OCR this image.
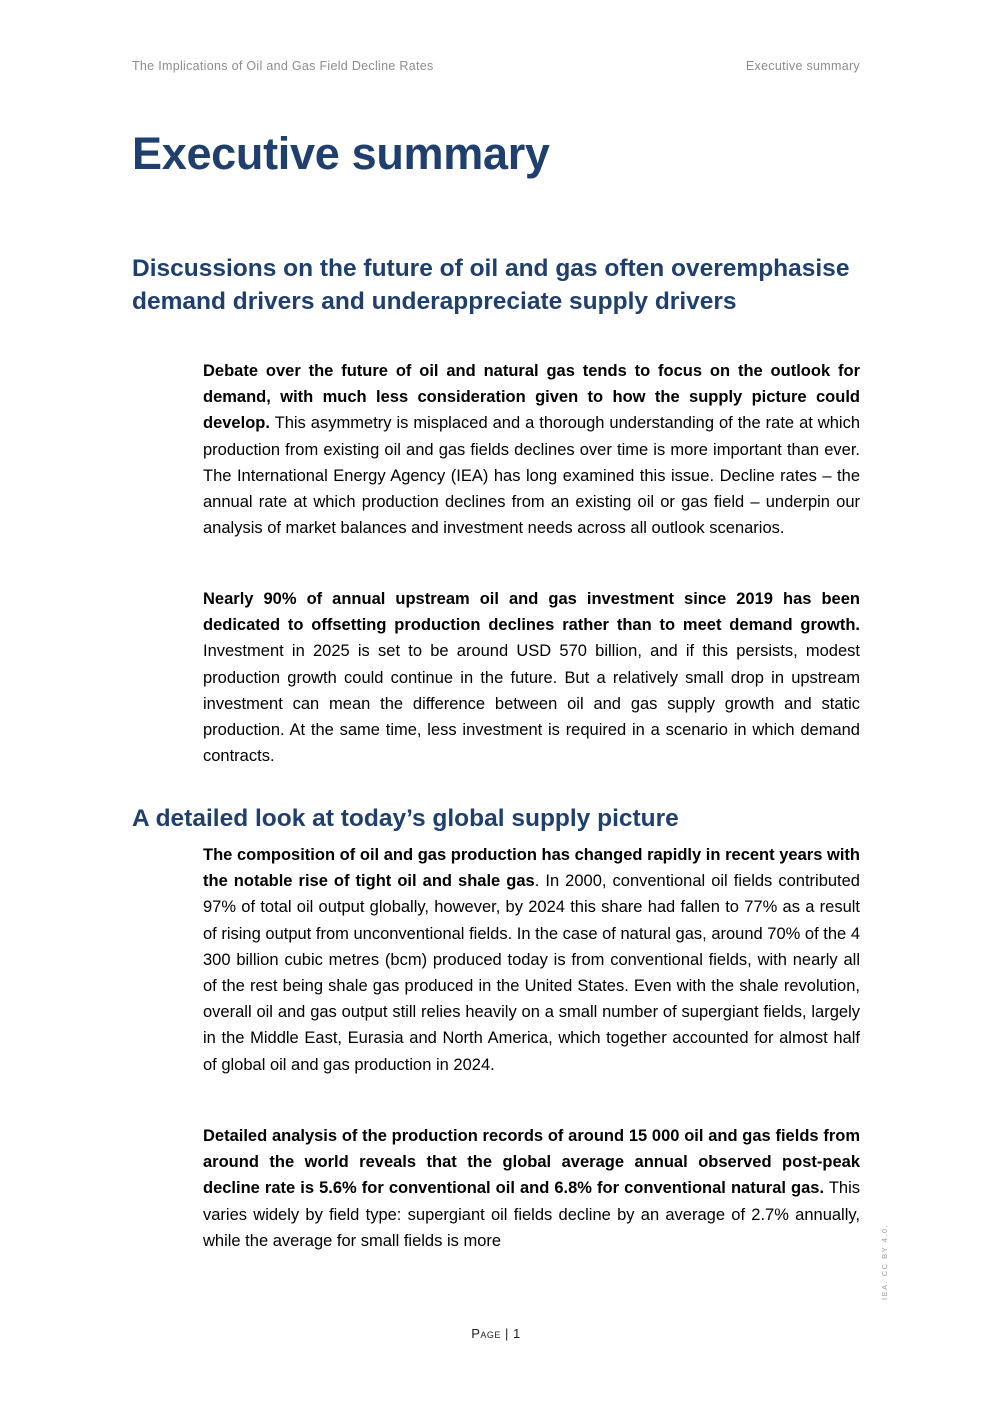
The Implications of Oil and Gas Field Decline Rates	Executive summary
Executive summary
Discussions on the future of oil and gas often overemphasise demand drivers and underappreciate supply drivers

Debate over the future of oil and natural gas tends to focus on the outlook for demand, with much less consideration given to how the supply picture could develop. This asymmetry is misplaced and a thorough understanding of the rate at which production from existing oil and gas fields declines over time is more important than ever. The International Energy Agency (IEA) has long examined this issue. Decline rates – the annual rate at which production declines from an existing oil or gas field – underpin our analysis of market balances and investment needs across all outlook scenarios.

Nearly 90% of annual upstream oil and gas investment since 2019 has been dedicated to offsetting production declines rather than to meet demand growth. Investment in 2025 is set to be around USD 570 billion, and if this persists, modest production growth could continue in the future. But a relatively small drop in upstream investment can mean the difference between oil and gas supply growth and static production. At the same time, less investment is required in a scenario in which demand contracts.

A detailed look at today’s global supply picture

The composition of oil and gas production has changed rapidly in recent years with the notable rise of tight oil and shale gas. In 2000, conventional oil fields contributed 97% of total oil output globally, however, by 2024 this share had fallen to 77% as a result of rising output from unconventional fields. In the case of natural gas, around 70% of the 4 300 billion cubic metres (bcm) produced today is from conventional fields, with nearly all of the rest being shale gas produced in the United States. Even with the shale revolution, overall oil and gas output still relies heavily on a small number of supergiant fields, largely in the Middle East, Eurasia and North America, which together accounted for almost half of global oil and gas production in 2024.

Detailed analysis of the production records of around 15 000 oil and gas fields from around the world reveals that the global average annual observed post-peak decline rate is 5.6% for conventional oil and 6.8% for conventional natural gas. This varies widely by field type: supergiant oil fields decline by an average of 2.7% annually, while the average for small fields is more

Page | 1
IEA. CC BY 4.0.
